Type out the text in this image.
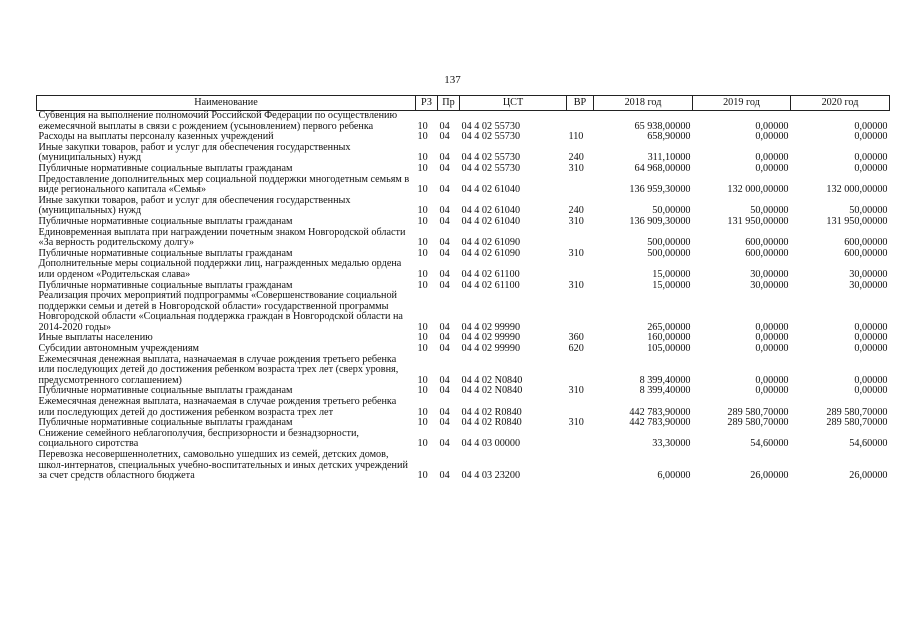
137
Наименование	РЗ	Пр	ЦСТ	ВР	2018 год	2019 год	2020 год
Субвенция на выполнение полномочий Российской Федерации по осуществлению ежемесячной выплаты в связи с рождением (усыновлением) первого ребенка	10	04	04 4 02 55730		65 938,00000	0,00000	0,00000
Расходы на выплаты персоналу казенных учреждений	10	04	04 4 02 55730	110	658,90000	0,00000	0,00000
Иные закупки товаров, работ и услуг для обеспечения государственных (муниципальных) нужд	10	04	04 4 02 55730	240	311,10000	0,00000	0,00000
Публичные нормативные социальные выплаты гражданам	10	04	04 4 02 55730	310	64 968,00000	0,00000	0,00000
Предоставление дополнительных мер социальной поддержки многодетным семьям в виде регионального капитала «Семья»	10	04	04 4 02 61040		136 959,30000	132 000,00000	132 000,00000
Иные закупки товаров, работ и услуг для обеспечения государственных (муниципальных) нужд	10	04	04 4 02 61040	240	50,00000	50,00000	50,00000
Публичные нормативные социальные выплаты гражданам	10	04	04 4 02 61040	310	136 909,30000	131 950,00000	131 950,00000
Единовременная выплата при награждении почетным знаком Новгородской области «За верность родительскому долгу»	10	04	04 4 02 61090		500,00000	600,00000	600,00000
Публичные нормативные социальные выплаты гражданам	10	04	04 4 02 61090	310	500,00000	600,00000	600,00000
Дополнительные меры социальной поддержки лиц, награжденных медалью ордена или орденом «Родительская слава»	10	04	04 4 02 61100		15,00000	30,00000	30,00000
Публичные нормативные социальные выплаты гражданам	10	04	04 4 02 61100	310	15,00000	30,00000	30,00000
Реализация прочих мероприятий подпрограммы «Совершенствование социальной поддержки семьи и детей в Новгородской области» государственной программы Новгородской области «Социальная поддержка граждан в Новгородской области на 2014-2020 годы»	10	04	04 4 02 99990		265,00000	0,00000	0,00000
Иные выплаты населению	10	04	04 4 02 99990	360	160,00000	0,00000	0,00000
Субсидии автономным учреждениям	10	04	04 4 02 99990	620	105,00000	0,00000	0,00000
Ежемесячная денежная выплата, назначаемая в случае рождения третьего ребенка или последующих детей до достижения ребенком возраста трех лет (сверх уровня, предусмотренного соглашением)	10	04	04 4 02 N0840		8 399,40000	0,00000	0,00000
Публичные нормативные социальные выплаты гражданам	10	04	04 4 02 N0840	310	8 399,40000	0,00000	0,00000
Ежемесячная денежная выплата, назначаемая в случае рождения третьего ребенка или последующих детей до достижения ребенком возраста трех лет	10	04	04 4 02 R0840		442 783,90000	289 580,70000	289 580,70000
Публичные нормативные социальные выплаты гражданам	10	04	04 4 02 R0840	310	442 783,90000	289 580,70000	289 580,70000
Снижение семейного неблагополучия, беспризорности и безнадзорности, социального сиротства	10	04	04 4 03 00000		33,30000	54,60000	54,60000
Перевозка несовершеннолетних, самовольно ушедших из семей, детских домов, школ-интернатов, специальных учебно-воспитательных и иных детских учреждений за счет средств областного бюджета	10	04	04 4 03 23200		6,00000	26,00000	26,00000
